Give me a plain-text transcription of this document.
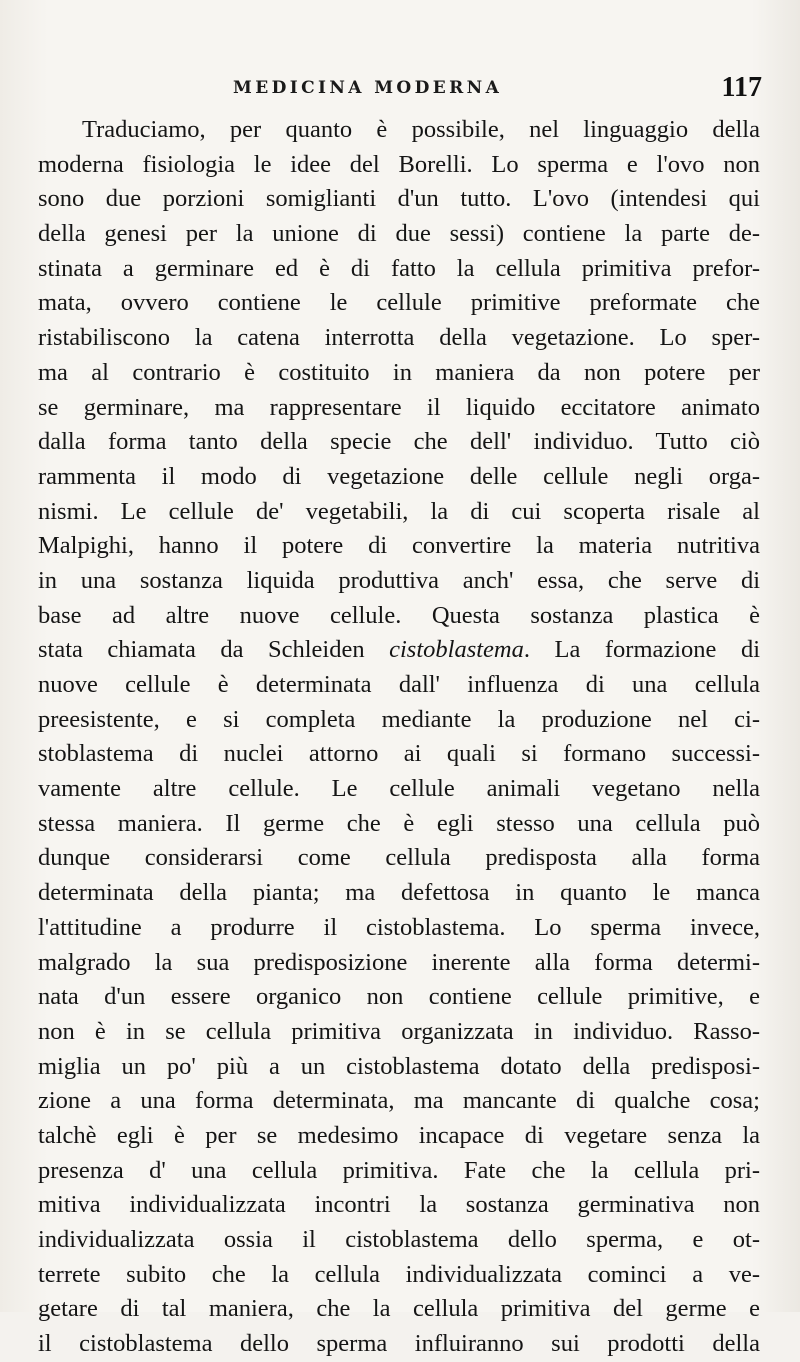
MEDICINA MODERNA	117
Traduciamo, per quanto è possibile, nel linguaggio della
moderna fisiologia le idee del Borelli. Lo sperma e l'ovo non
sono due porzioni somiglianti d'un tutto. L'ovo (intendesi qui
della genesi per la unione di due sessi) contiene la parte de-
stinata a germinare ed è di fatto la cellula primitiva prefor-
mata, ovvero contiene le cellule primitive preformate che
ristabiliscono la catena interrotta della vegetazione. Lo sper-
ma al contrario è costituito in maniera da non potere per
se germinare, ma rappresentare il liquido eccitatore animato
dalla forma tanto della specie che dell' individuo. Tutto ciò
rammenta il modo di vegetazione delle cellule negli orga-
nismi. Le cellule de' vegetabili, la di cui scoperta risale al
Malpighi, hanno il potere di convertire la materia nutritiva
in una sostanza liquida produttiva anch' essa, che serve di
base ad altre nuove cellule. Questa sostanza plastica è
stata chiamata da Schleiden cistoblastema. La formazione di
nuove cellule è determinata dall' influenza di una cellula
preesistente, e si completa mediante la produzione nel ci-
stoblastema di nuclei attorno ai quali si formano successi-
vamente altre cellule. Le cellule animali vegetano nella
stessa maniera. Il germe che è egli stesso una cellula può
dunque considerarsi come cellula predisposta alla forma
determinata della pianta; ma defettosa in quanto le manca
l'attitudine a produrre il cistoblastema. Lo sperma invece,
malgrado la sua predisposizione inerente alla forma determi-
nata d'un essere organico non contiene cellule primitive, e
non è in se cellula primitiva organizzata in individuo. Rasso-
miglia un po' più a un cistoblastema dotato della predisposi-
zione a una forma determinata, ma mancante di qualche cosa;
talchè egli è per se medesimo incapace di vegetare senza la
presenza d' una cellula primitiva. Fate che la cellula pri-
mitiva individualizzata incontri la sostanza germinativa non
individualizzata ossia il cistoblastema dello sperma, e ot-
terrete subito che la cellula individualizzata cominci a ve-
getare di tal maniera, che la cellula primitiva del germe e
il cistoblastema dello sperma influiranno sui prodotti della
